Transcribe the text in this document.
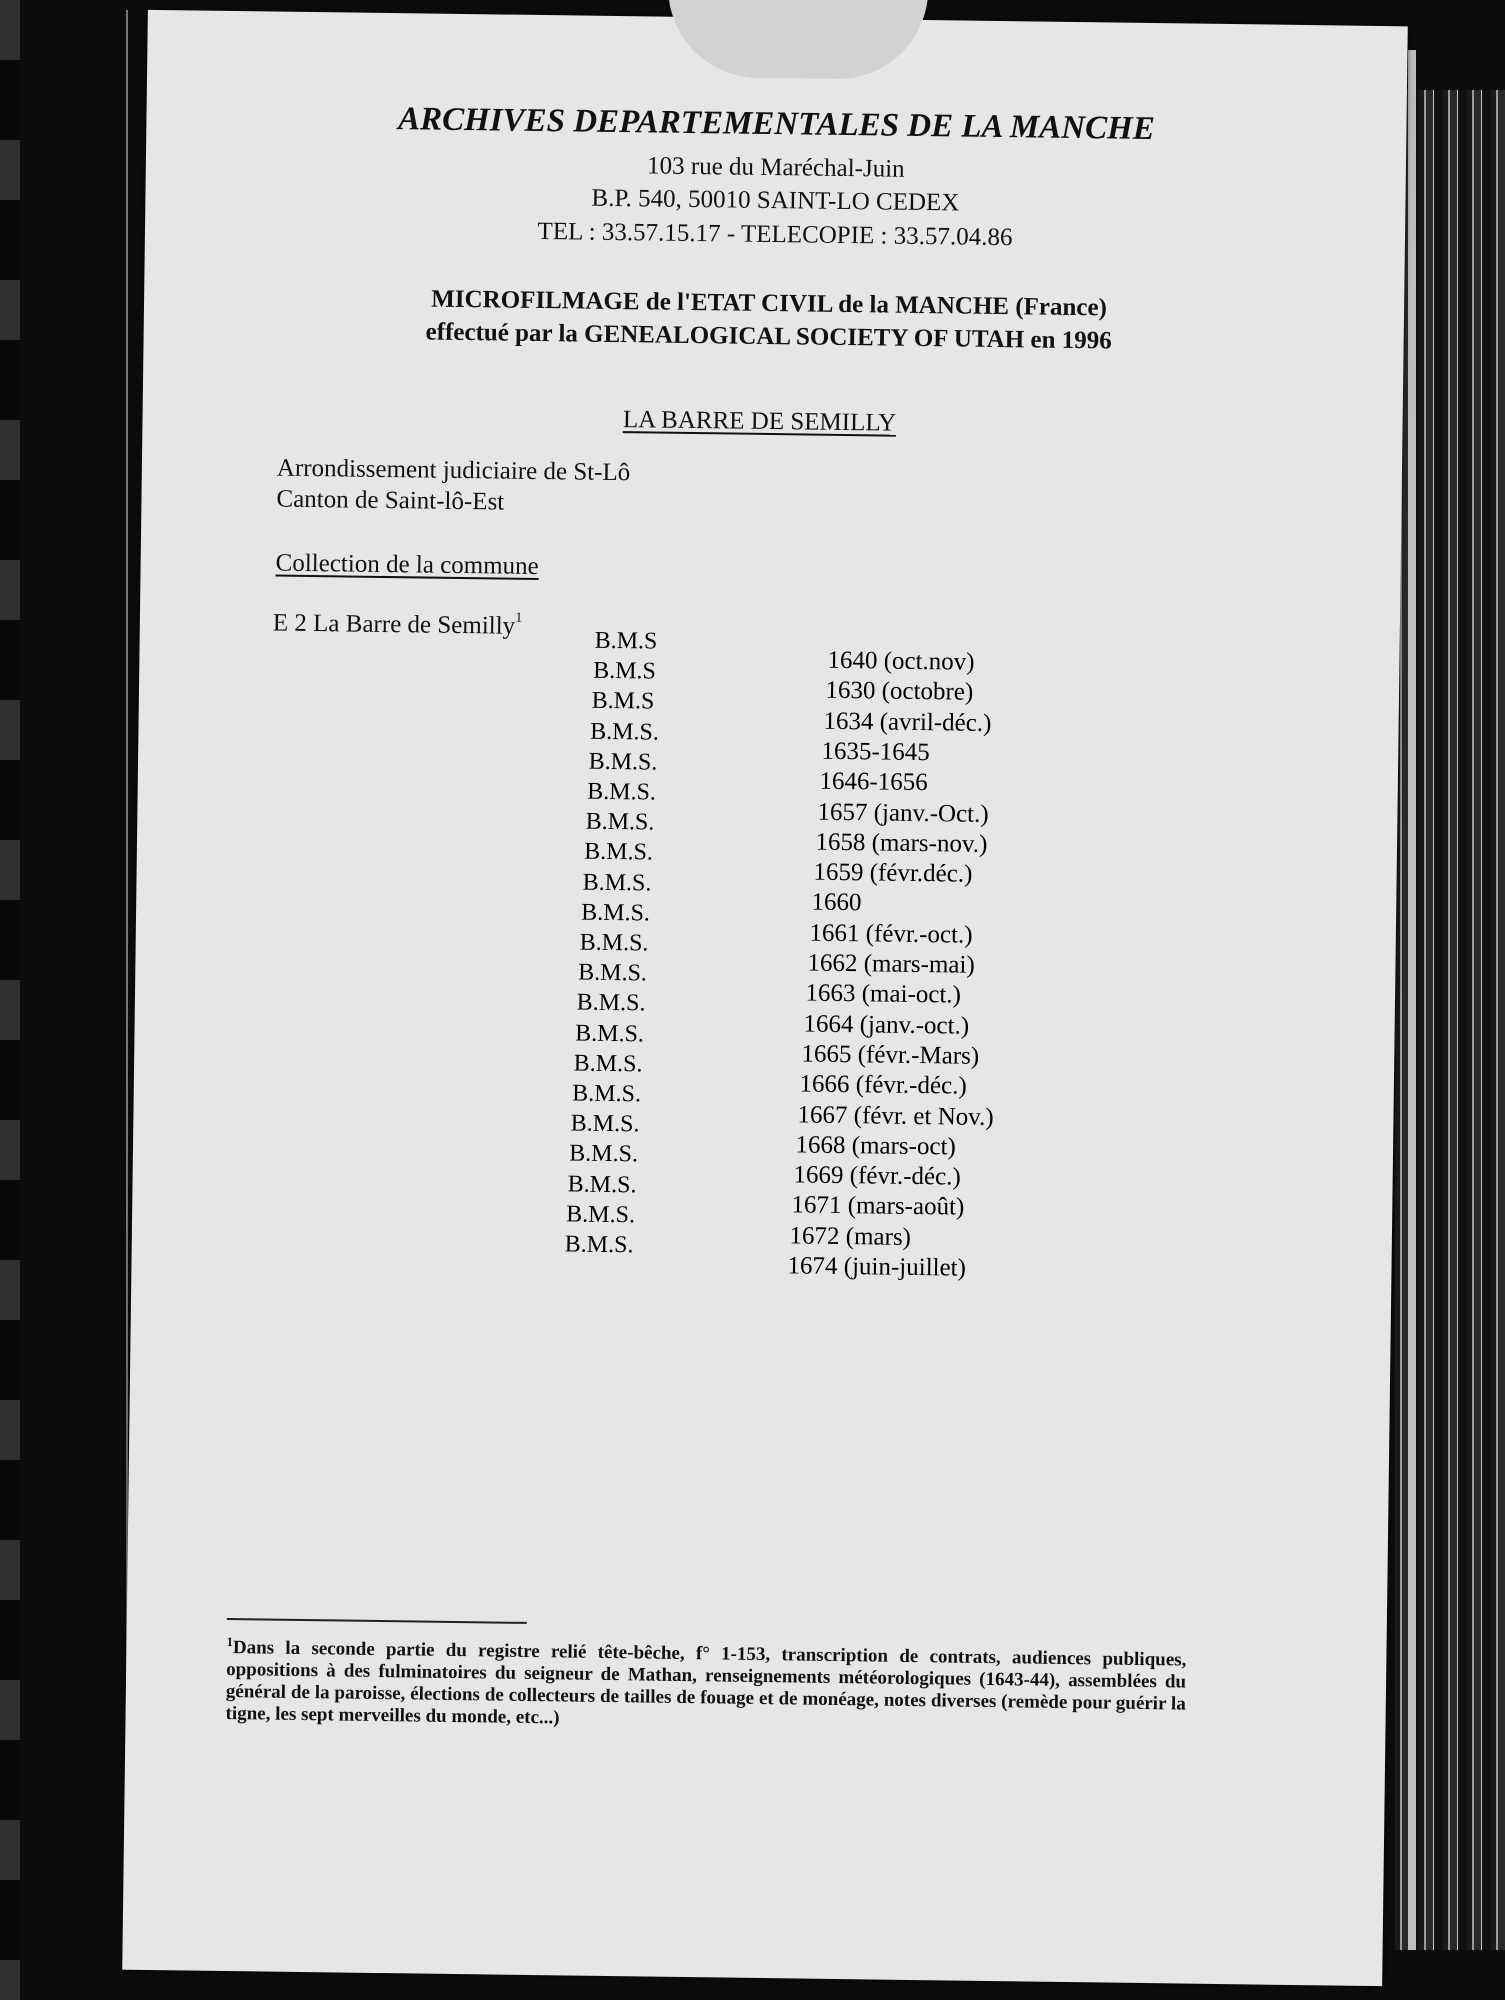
ARCHIVES DEPARTEMENTALES DE LA MANCHE
103 rue du Maréchal-Juin
B.P. 540, 50010 SAINT-LO CEDEX
TEL : 33.57.15.17 - TELECOPIE : 33.57.04.86
MICROFILMAGE de l'ETAT CIVIL de la MANCHE (France)
effectué par la GENEALOGICAL SOCIETY OF UTAH en 1996
LA BARRE DE SEMILLY
Arrondissement judiciaire de St-Lô
Canton de Saint-lô-Est
Collection de la commune
E 2 La Barre de Semilly$^1$
B.M.S
1640 (oct.nov)
B.M.S
1630 (octobre)
B.M.S
1634 (avril-déc.)
B.M.S.
1635-1645
B.M.S.
1646-1656
B.M.S.
1657 (janv.-Oct.)
B.M.S.
1658 (mars-nov.)
B.M.S.
1659 (févr.déc.)
B.M.S.
1660
B.M.S.
1661 (févr.-oct.)
B.M.S.
1662 (mars-mai)
B.M.S.
1663 (mai-oct.)
B.M.S.
1664 (janv.-oct.)
B.M.S.
1665 (févr.-Mars)
B.M.S.
1666 (févr.-déc.)
B.M.S.
1667 (févr. et Nov.)
B.M.S.
1668 (mars-oct)
B.M.S.
1669 (févr.-déc.)
B.M.S.
1671 (mars-août)
B.M.S.
1672 (mars)
B.M.S.
1674 (juin-juillet)
$^1$Dans la seconde partie du registre relié tête-bêche, f° 1-153, transcription de contrats, audiences publiques, oppositions à des fulminatoires du seigneur de Mathan, renseignements météorologiques (1643-44), assemblées du général de la paroisse, élections de collecteurs de tailles de fouage et de monéage, notes diverses (remède pour guérir la tigne, les sept merveilles du monde, etc...)
